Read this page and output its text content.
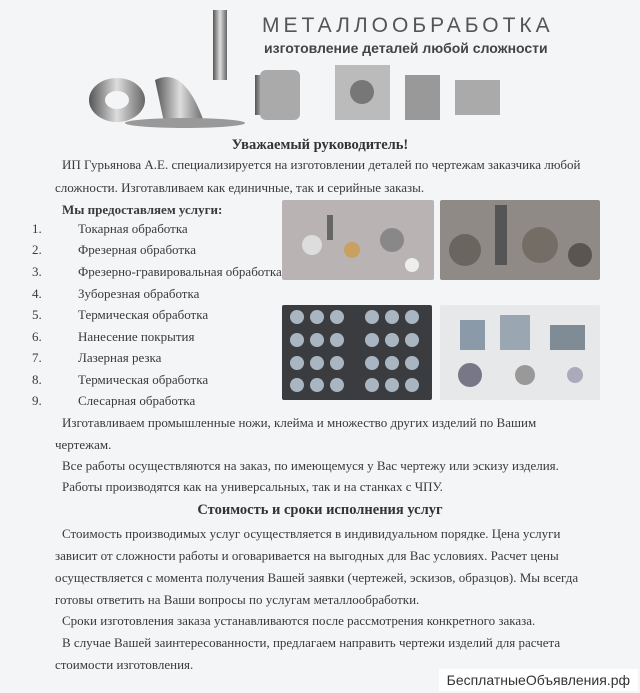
МЕТАЛЛООБРАБОТКА
изготовление деталей любой сложности
Уважаемый руководитель!
ИП Гурьянова А.Е. специализируется на изготовлении деталей по чертежам заказчика любой
сложности. Изготавливаем как единичные, так и серийные заказы.
Мы предоставляем услуги:
1.	Токарная обработка
2.	Фрезерная обработка
3.	Фрезерно-гравировальная обработка
4.	Зуборезная обработка
5.	Термическая обработка
6.	Нанесение покрытия
7.	Лазерная резка
8.	Термическая обработка
9.	Слесарная обработка
Изготавливаем промышленные ножи, клейма и множество других изделий по Вашим
чертежам.
Все работы осуществляются на заказ, по имеющемуся у Вас чертежу или эскизу изделия.
Работы производятся как на универсальных, так и на станках с ЧПУ.
Стоимость и сроки исполнения услуг
Стоимость производимых услуг осуществляется в индивидуальном порядке. Цена услуги
зависит от сложности работы и оговаривается на выгодных для Вас условиях. Расчет цены
осуществляется с момента получения Вашей заявки (чертежей, эскизов, образцов). Мы всегда
готовы ответить на Ваши вопросы по услугам металлообработки.
Сроки изготовления заказа устанавливаются после рассмотрения конкретного заказа.
В случае Вашей заинтересованности, предлагаем направить чертежи изделий для расчета
стоимости изготовления.
БесплатныеОбъявления.рф
